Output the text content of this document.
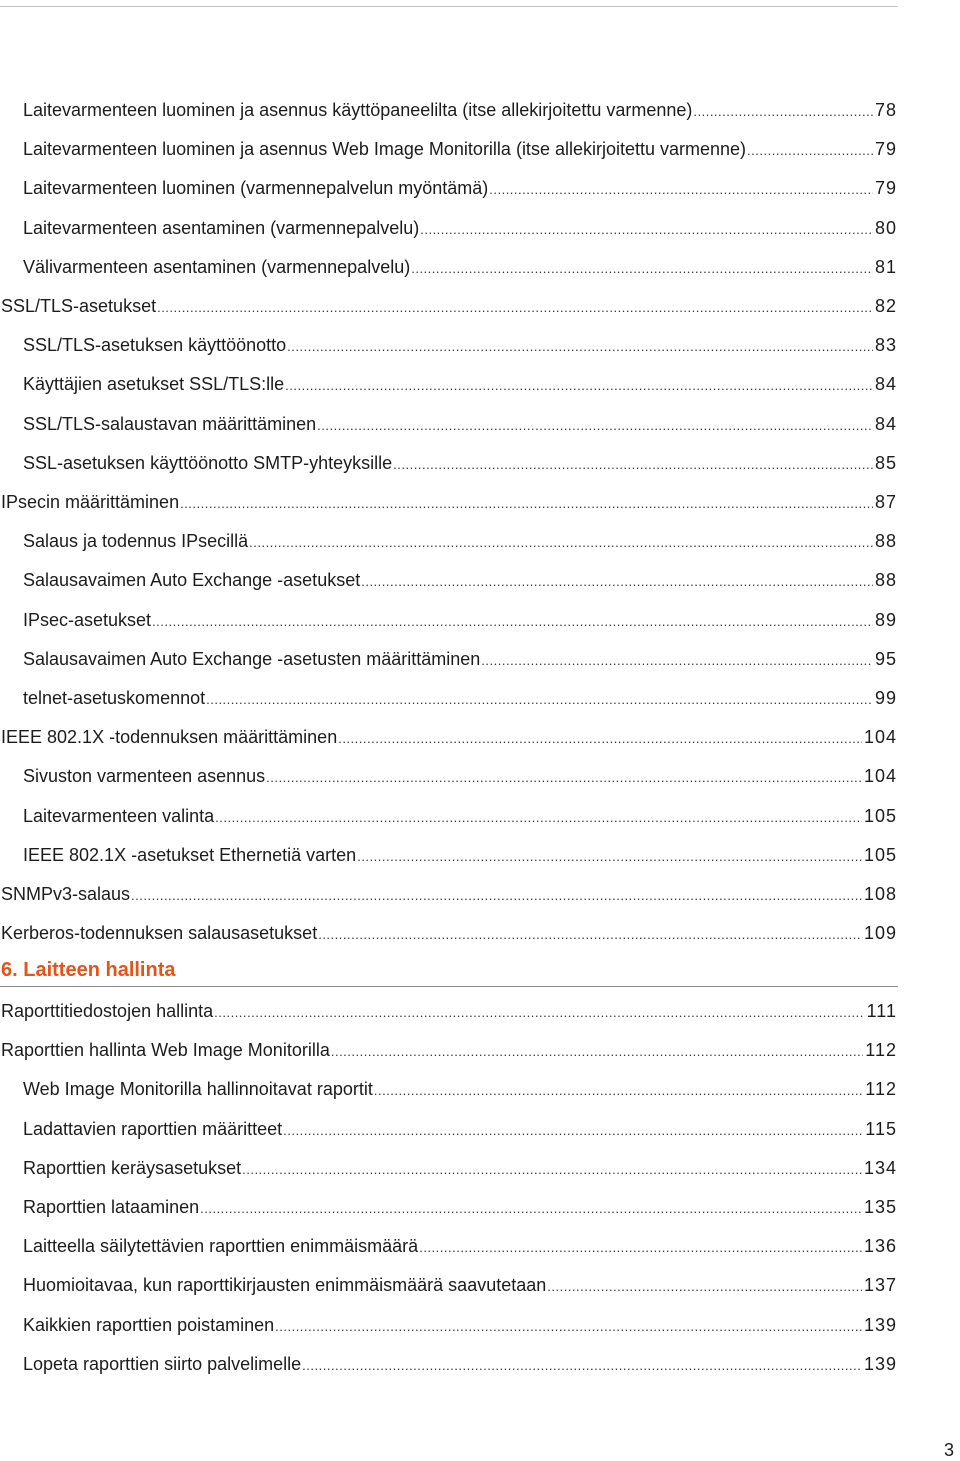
Laitevarmenteen luominen ja asennus käyttöpaneelilta (itse allekirjoitettu varmenne) .....	78
Laitevarmenteen luominen ja asennus Web Image Monitorilla (itse allekirjoitettu varmenne) .....	79
Laitevarmenteen luominen (varmennepalvelun myöntämä) .....	79
Laitevarmenteen asentaminen (varmennepalvelu) .....	80
Välivarmenteen asentaminen (varmennepalvelu) .....	81
SSL/TLS-asetukset .....	82
SSL/TLS-asetuksen käyttöönotto .....	83
Käyttäjien asetukset SSL/TLS:lle .....	84
SSL/TLS-salaustavan määrittäminen .....	84
SSL-asetuksen käyttöönotto SMTP-yhteyksille .....	85
IPsecin määrittäminen .....	87
Salaus ja todennus IPsecillä .....	88
Salausavaimen Auto Exchange -asetukset .....	88
IPsec-asetukset .....	89
Salausavaimen Auto Exchange -asetusten määrittäminen .....	95
telnet-asetuskomennot .....	99
IEEE 802.1X -todennuksen määrittäminen .....	104
Sivuston varmenteen asennus .....	104
Laitevarmenteen valinta .....	105
IEEE 802.1X -asetukset Ethernetiä varten .....	105
SNMPv3-salaus .....	108
Kerberos-todennuksen salausasetukset .....	109
6. Laitteen hallinta
Raporttitiedostojen hallinta .....	111
Raporttien hallinta Web Image Monitorilla .....	112
Web Image Monitorilla hallinnoitavat raportit .....	112
Ladattavien raporttien määritteet .....	115
Raporttien keräysasetukset .....	134
Raporttien lataaminen .....	135
Laitteella säilytettävien raporttien enimmäismäärä .....	136
Huomioitavaa, kun raporttikirjausten enimmäismäärä saavutetaan .....	137
Kaikkien raporttien poistaminen .....	139
Lopeta raporttien siirto palvelimelle .....	139
3
